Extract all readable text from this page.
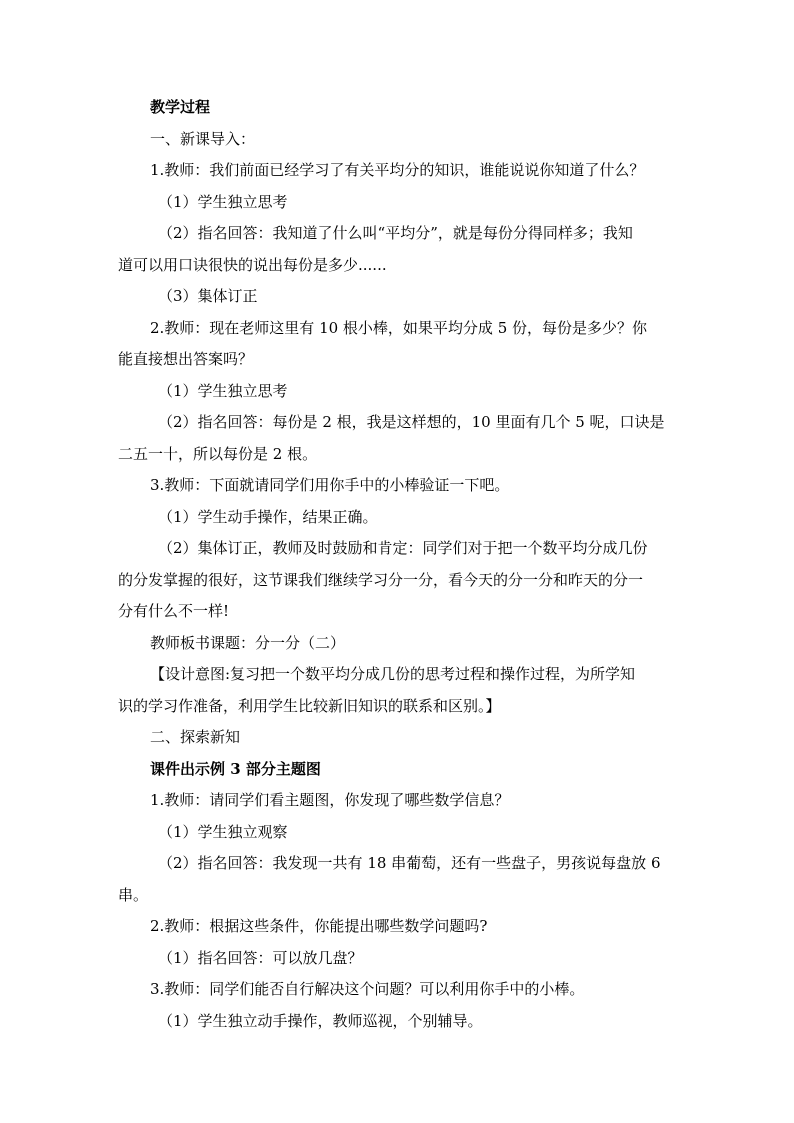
教学过程

一、新课导入：

1.教师：我们前面已经学习了有关平均分的知识，谁能说说你知道了什么？

（1）学生独立思考

（2）指名回答：我知道了什么叫“平均分”，就是每份分得同样多；我知

道可以用口诀很快的说出每份是多少......

（3）集体订正

2.教师：现在老师这里有 10 根小棒，如果平均分成 5 份，每份是多少？你

能直接想出答案吗？

（1）学生独立思考

（2）指名回答：每份是 2 根，我是这样想的，10 里面有几个 5 呢，口诀是

二五一十，所以每份是 2 根。

3.教师：下面就请同学们用你手中的小棒验证一下吧。

（1）学生动手操作，结果正确。

（2）集体订正，教师及时鼓励和肯定：同学们对于把一个数平均分成几份

的分发掌握的很好，这节课我们继续学习分一分，看今天的分一分和昨天的分一

分有什么不一样!

教师板书课题：分一分（二）

【设计意图:复习把一个数平均分成几份的思考过程和操作过程，为所学知

识的学习作准备，利用学生比较新旧知识的联系和区别。】

二、探索新知

课件出示例 3 部分主题图

1.教师：请同学们看主题图，你发现了哪些数学信息？

（1）学生独立观察

（2）指名回答：我发现一共有 18 串葡萄，还有一些盘子，男孩说每盘放 6

串。

2.教师：根据这些条件，你能提出哪些数学问题吗?

（1）指名回答：可以放几盘？

3.教师：同学们能否自行解决这个问题？可以利用你手中的小棒。

（1）学生独立动手操作，教师巡视，个别辅导。
